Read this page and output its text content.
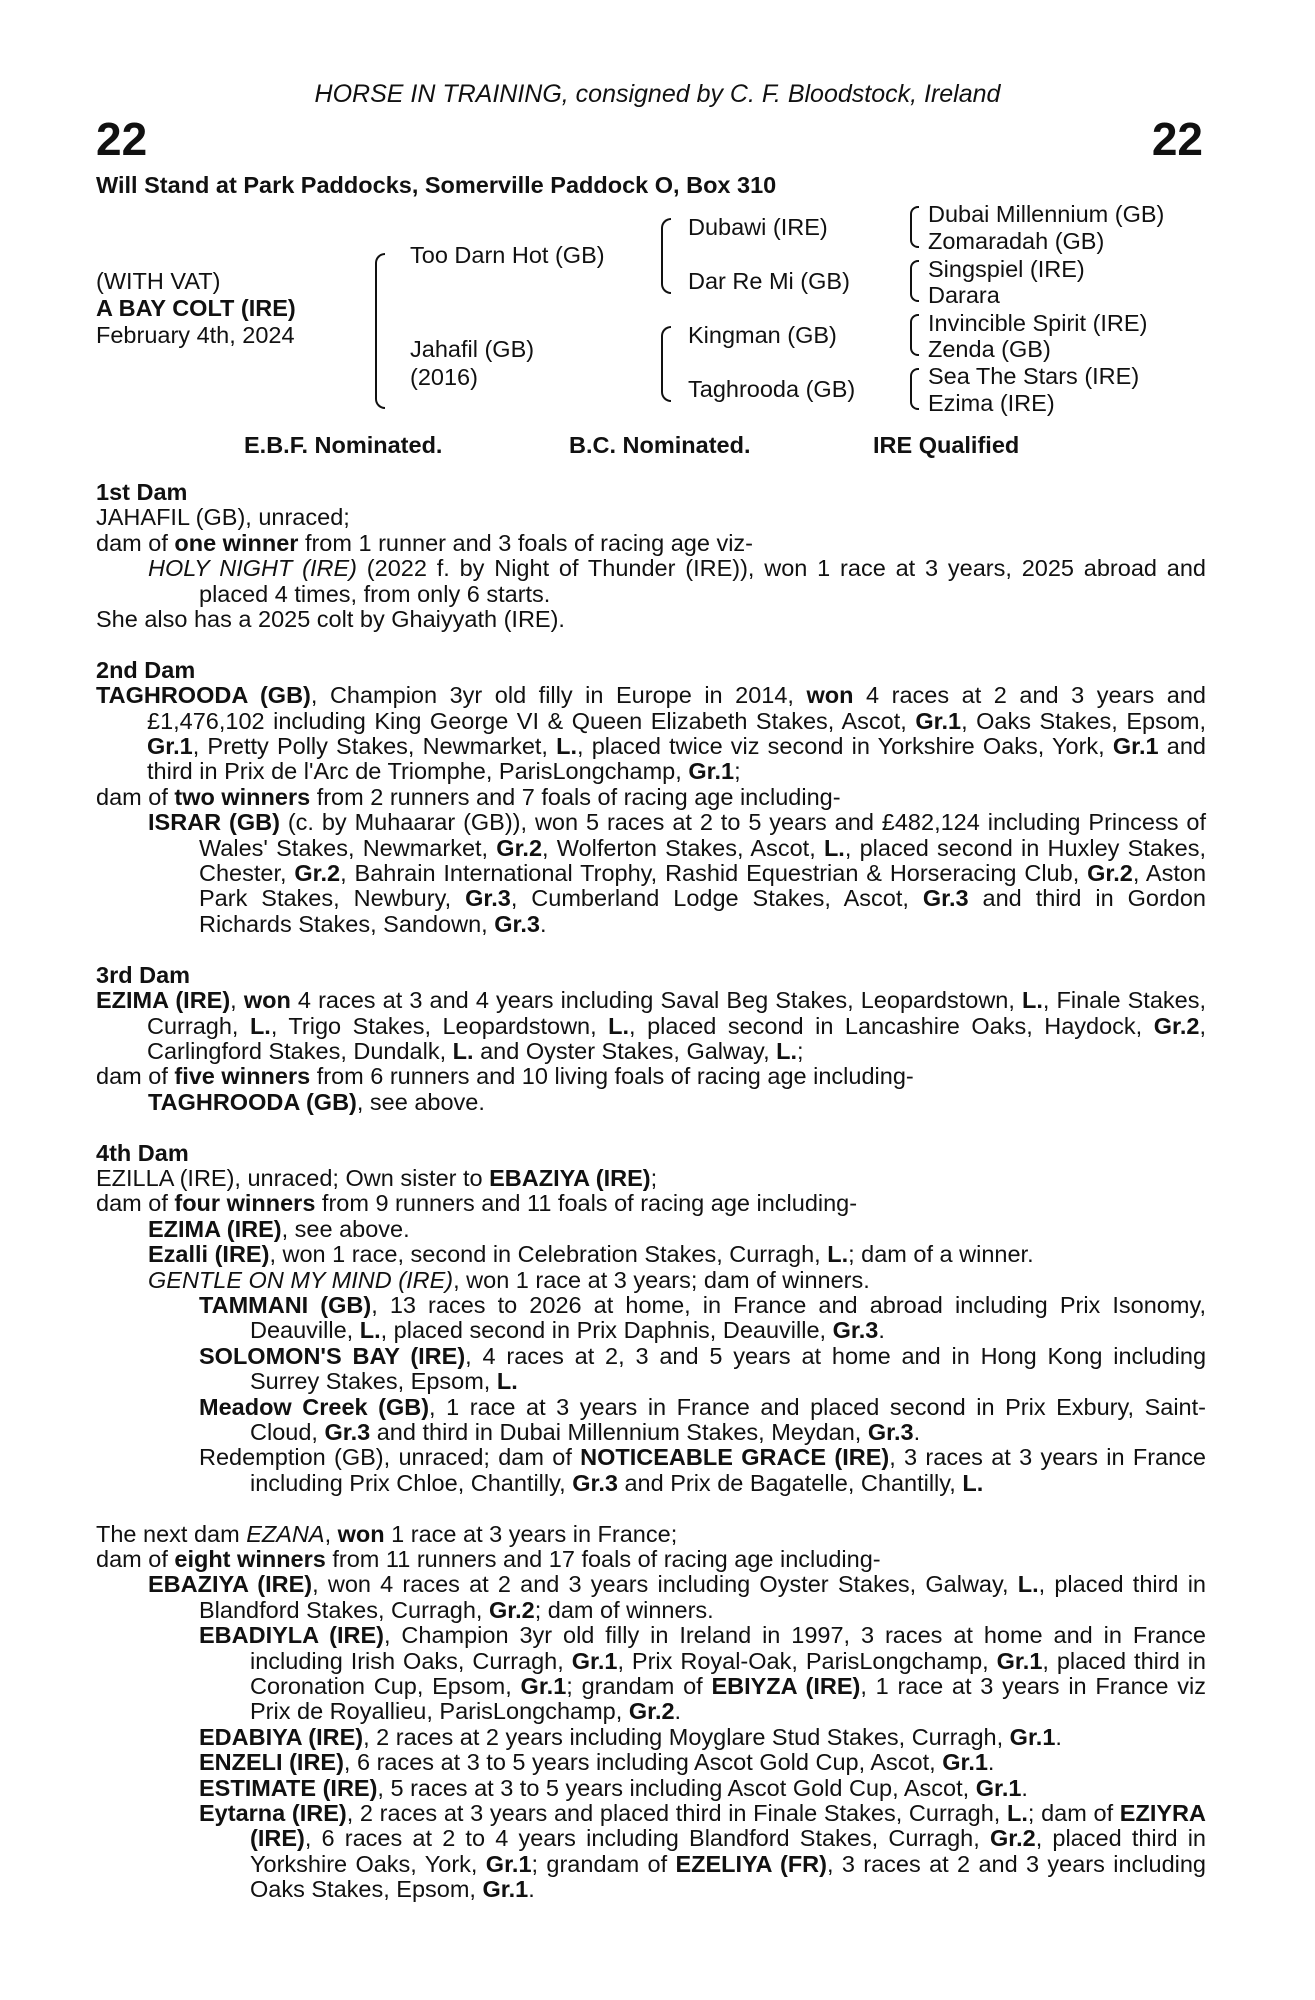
HORSE IN TRAINING, consigned by C. F. Bloodstock, Ireland
22	22
Will Stand at Park Paddocks, Somerville Paddock O, Box 310
(WITH VAT)
A BAY COLT (IRE)
February 4th, 2024
Too Darn Hot (GB)
Jahafil (GB)
(2016)
Dubawi (IRE)
Dar Re Mi (GB)
Kingman (GB)
Taghrooda (GB)
Dubai Millennium (GB)
Zomaradah (GB)
Singspiel (IRE)
Darara
Invincible Spirit (IRE)
Zenda (GB)
Sea The Stars (IRE)
Ezima (IRE)
E.B.F. Nominated.	B.C. Nominated.	IRE Qualified
1st Dam

JAHAFIL (GB), unraced;

dam of one winner from 1 runner and 3 foals of racing age viz-

HOLY NIGHT (IRE) (2022 f. by Night of Thunder (IRE)), won 1 race at 3 years, 2025 abroad and placed 4 times, from only 6 starts.

She also has a 2025 colt by Ghaiyyath (IRE).

2nd Dam

TAGHROODA (GB), Champion 3yr old filly in Europe in 2014, won 4 races at 2 and 3 years and £1,476,102 including King George VI & Queen Elizabeth Stakes, Ascot, Gr.1, Oaks Stakes, Epsom, Gr.1, Pretty Polly Stakes, Newmarket, L., placed twice viz second in Yorkshire Oaks, York, Gr.1 and third in Prix de l'Arc de Triomphe, ParisLongchamp, Gr.1;

dam of two winners from 2 runners and 7 foals of racing age including-

ISRAR (GB) (c. by Muhaarar (GB)), won 5 races at 2 to 5 years and £482,124 including Princess of Wales' Stakes, Newmarket, Gr.2, Wolferton Stakes, Ascot, L., placed second in Huxley Stakes, Chester, Gr.2, Bahrain International Trophy, Rashid Equestrian & Horseracing Club, Gr.2, Aston Park Stakes, Newbury, Gr.3, Cumberland Lodge Stakes, Ascot, Gr.3 and third in Gordon Richards Stakes, Sandown, Gr.3.

3rd Dam

EZIMA (IRE), won 4 races at 3 and 4 years including Saval Beg Stakes, Leopardstown, L., Finale Stakes, Curragh, L., Trigo Stakes, Leopardstown, L., placed second in Lancashire Oaks, Haydock, Gr.2, Carlingford Stakes, Dundalk, L. and Oyster Stakes, Galway, L.;

dam of five winners from 6 runners and 10 living foals of racing age including-

TAGHROODA (GB), see above.

4th Dam

EZILLA (IRE), unraced; Own sister to EBAZIYA (IRE);

dam of four winners from 9 runners and 11 foals of racing age including-

EZIMA (IRE), see above.

Ezalli (IRE), won 1 race, second in Celebration Stakes, Curragh, L.; dam of a winner.

GENTLE ON MY MIND (IRE), won 1 race at 3 years; dam of winners.

TAMMANI (GB), 13 races to 2026 at home, in France and abroad including Prix Isonomy, Deauville, L., placed second in Prix Daphnis, Deauville, Gr.3.

SOLOMON'S BAY (IRE), 4 races at 2, 3 and 5 years at home and in Hong Kong including Surrey Stakes, Epsom, L.

Meadow Creek (GB), 1 race at 3 years in France and placed second in Prix Exbury, Saint-Cloud, Gr.3 and third in Dubai Millennium Stakes, Meydan, Gr.3.

Redemption (GB), unraced; dam of NOTICEABLE GRACE (IRE), 3 races at 3 years in France including Prix Chloe, Chantilly, Gr.3 and Prix de Bagatelle, Chantilly, L.

The next dam EZANA, won 1 race at 3 years in France;

dam of eight winners from 11 runners and 17 foals of racing age including-

EBAZIYA (IRE), won 4 races at 2 and 3 years including Oyster Stakes, Galway, L., placed third in Blandford Stakes, Curragh, Gr.2; dam of winners.

EBADIYLA (IRE), Champion 3yr old filly in Ireland in 1997, 3 races at home and in France including Irish Oaks, Curragh, Gr.1, Prix Royal-Oak, ParisLongchamp, Gr.1, placed third in Coronation Cup, Epsom, Gr.1; grandam of EBIYZA (IRE), 1 race at 3 years in France viz Prix de Royallieu, ParisLongchamp, Gr.2.

EDABIYA (IRE), 2 races at 2 years including Moyglare Stud Stakes, Curragh, Gr.1.

ENZELI (IRE), 6 races at 3 to 5 years including Ascot Gold Cup, Ascot, Gr.1.

ESTIMATE (IRE), 5 races at 3 to 5 years including Ascot Gold Cup, Ascot, Gr.1.

Eytarna (IRE), 2 races at 3 years and placed third in Finale Stakes, Curragh, L.; dam of EZIYRA (IRE), 6 races at 2 to 4 years including Blandford Stakes, Curragh, Gr.2, placed third in Yorkshire Oaks, York, Gr.1; grandam of EZELIYA (FR), 3 races at 2 and 3 years including Oaks Stakes, Epsom, Gr.1.
